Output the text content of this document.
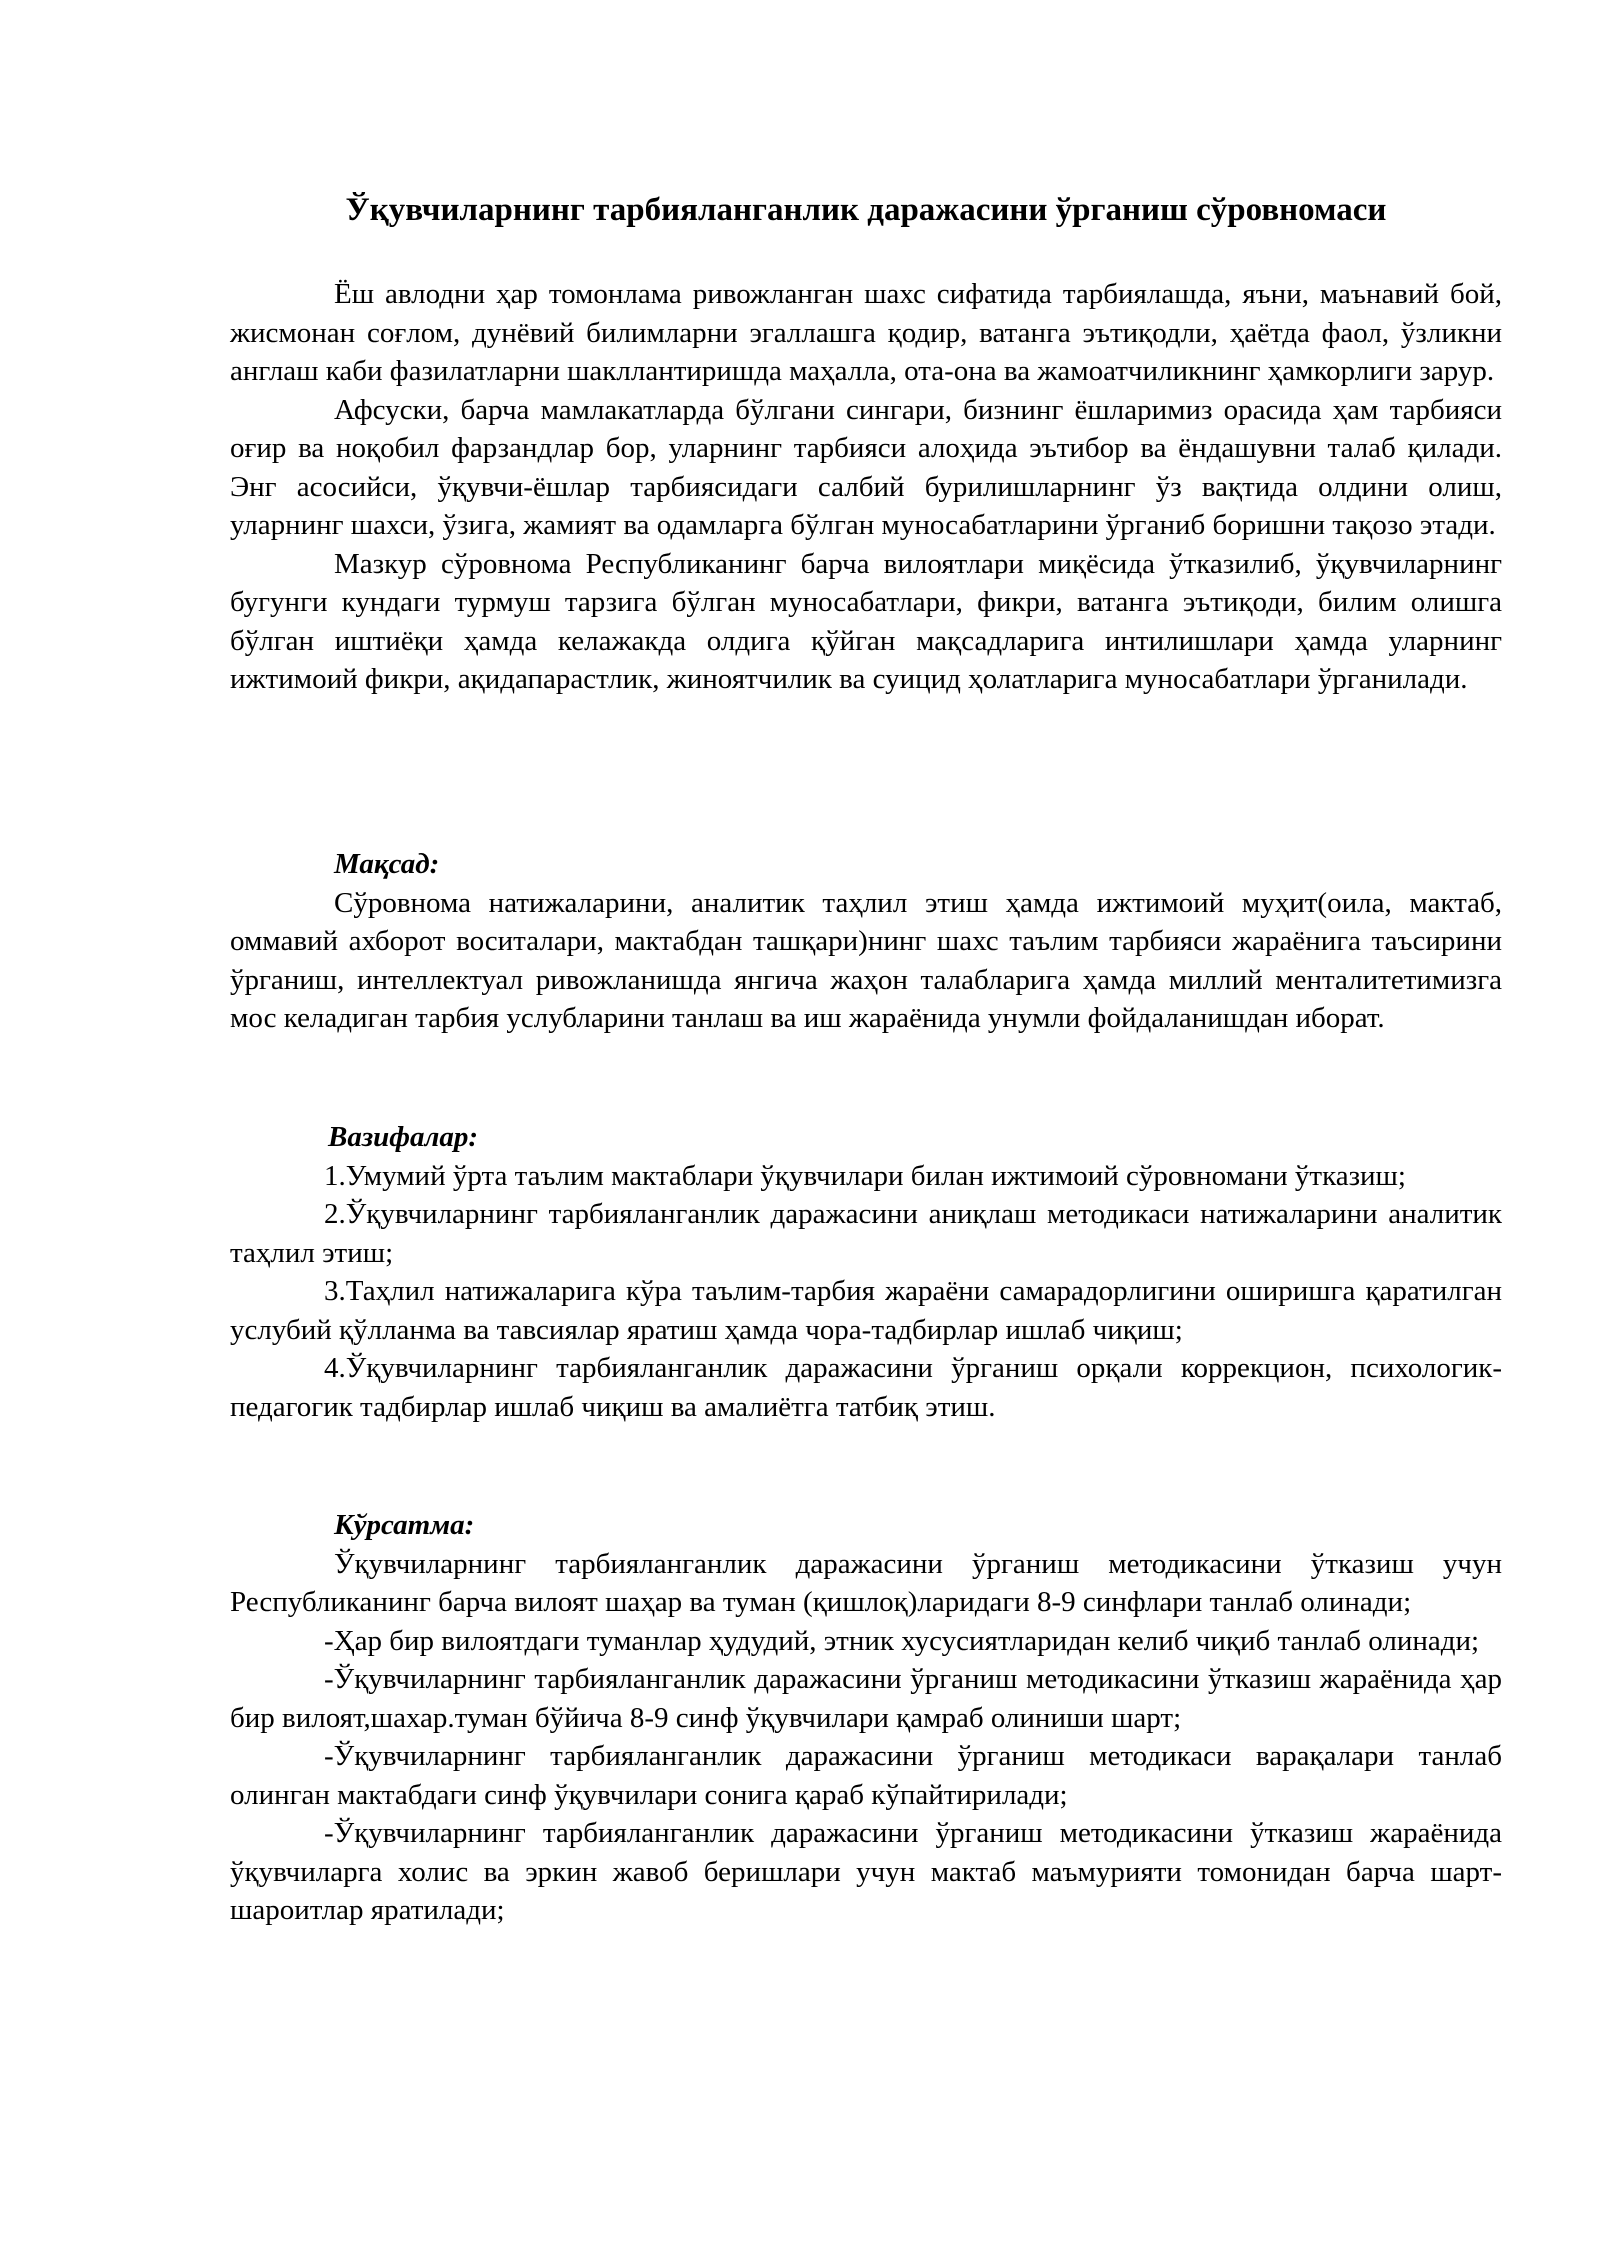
Ўқувчиларнинг тарбияланганлик даражасини ўрганиш сўровномаси

Ёш авлодни ҳар томонлама ривожланган шахс сифатида тарбиялашда, яъни, маънавий бой, жисмонан соғлом, дунёвий билимларни эгаллашга қодир, ватанга эътиқодли, ҳаётда фаол, ўзликни англаш каби фазилатларни шакллантиришда маҳалла, ота-она ва жамоатчиликнинг ҳамкорлиги зарур.

Афсуски, барча мамлакатларда бўлгани сингари, бизнинг ёшларимиз орасида ҳам тарбияси оғир ва ноқобил фарзандлар бор, уларнинг тарбияси алоҳида эътибор ва ёндашувни талаб қилади. Энг асосийси, ўқувчи-ёшлар тарбиясидаги салбий бурилишларнинг ўз вақтида олдини олиш, уларнинг шахси, ўзига, жамият ва одамларга бўлган муносабатларини ўрганиб боришни тақозо этади.

Мазкур сўровнома Республиканинг барча вилоятлари миқёсида ўтказилиб, ўқувчиларнинг бугунги кундаги турмуш тарзига бўлган муносабатлари, фикри, ватанга эътиқоди, билим олишга бўлган иштиёқи ҳамда келажакда олдига қўйган мақсадларига интилишлари ҳамда уларнинг ижтимоий фикри, ақидапарастлик, жиноятчилик ва суицид ҳолатларига муносабатлари ўрганилади.

Мақсад:

Сўровнома натижаларини, аналитик таҳлил этиш ҳамда ижтимоий муҳит(оила, мактаб, оммавий ахборот воситалари, мактабдан ташқари)нинг шахс таълим тарбияси жараёнига таъсирини ўрганиш, интеллектуал ривожланишда янгича жаҳон талабларига ҳамда миллий менталитетимизга мос келадиган тарбия услубларини танлаш ва иш жараёнида унумли фойдаланишдан иборат.

Вазифалар:

1.Умумий ўрта таълим мактаблари ўқувчилари билан ижтимоий сўровномани ўтказиш;

2.Ўқувчиларнинг тарбияланганлик даражасини аниқлаш методикаси натижаларини аналитик таҳлил этиш;

3.Таҳлил натижаларига кўра таълим-тарбия жараёни самарадорлигини оширишга қаратилган услубий қўлланма ва тавсиялар яратиш ҳамда чора-тадбирлар ишлаб чиқиш;

4.Ўқувчиларнинг тарбияланганлик даражасини ўрганиш орқали коррекцион, психологик-педагогик тадбирлар ишлаб чиқиш ва амалиётга татбиқ этиш.

Кўрсатма:

Ўқувчиларнинг тарбияланганлик даражасини ўрганиш методикасини ўтказиш учун Республиканинг барча вилоят шаҳар ва туман (қишлоқ)ларидаги 8-9 синфлари танлаб олинади;

-Ҳар бир вилоятдаги туманлар ҳудудий, этник хусусиятларидан келиб чиқиб танлаб олинади;

-Ўқувчиларнинг тарбияланганлик даражасини ўрганиш методикасини ўтказиш жараёнида ҳар бир вилоят,шахар.туман бўйича 8-9 синф ўқувчилари қамраб олиниши шарт;

-Ўқувчиларнинг тарбияланганлик даражасини ўрганиш методикаси варақалари танлаб олинган мактабдаги синф ўқувчилари сонига қараб кўпайтирилади;

-Ўқувчиларнинг тарбияланганлик даражасини ўрганиш методикасини ўтказиш жараёнида ўқувчиларга холис ва эркин жавоб беришлари учун мактаб маъмурияти томонидан барча шарт-шароитлар яратилади;
